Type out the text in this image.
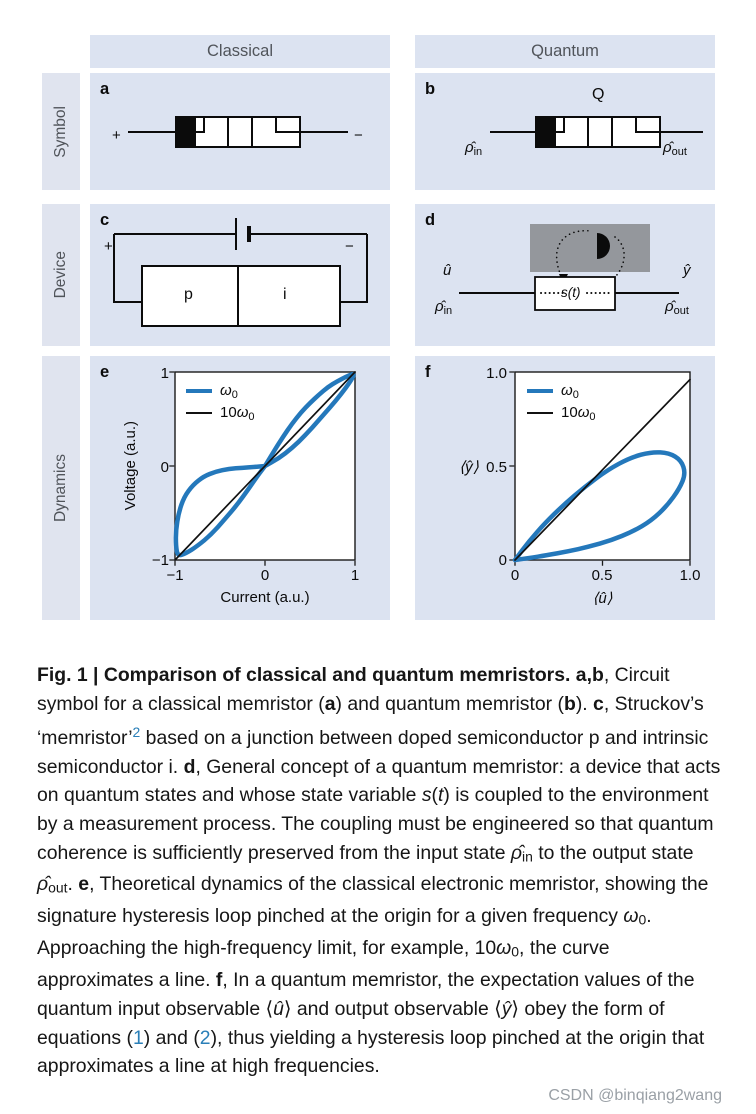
Classical	Quantum
Symbol
Device
Dynamics
a
+	−
b	Q
$\rhô_{in}$	$\rhô_{out}$
c
+	−
p	i
d
s(t)
û	ŷ
$\rhô_{in}$	$\rhô_{out}$
e
$\omega_0$
$10\omega_0$
Voltage (a.u.)
1
0
−1
−1	0	1
Current (a.u.)
f
$\omega_0$
$10\omega_0$
⟨ŷ⟩
1.0
0.5
0
0	0.5	1.0
⟨û⟩
Fig. 1 | Comparison of classical and quantum memristors. a,b, Circuit symbol for a classical memristor (a) and quantum memristor (b). c, Struckov’s ‘memristor’$^2$ based on a junction between doped semiconductor p and intrinsic semiconductor i. d, General concept of a quantum memristor: a device that acts on quantum states and whose state variable s(t) is coupled to the environment by a measurement process. The coupling must be engineered so that quantum coherence is sufficiently preserved from the input state ρ̂in to the output state ρ̂out. e, Theoretical dynamics of the classical electronic memristor, showing the signature hysteresis loop pinched at the origin for a given frequency ω0. Approaching the high-frequency limit, for example, 10ω0, the curve approximates a line. f, In a quantum memristor, the expectation values of the quantum input observable ⟨û⟩ and output observable ⟨ŷ⟩ obey the form of equations (1) and (2), thus yielding a hysteresis loop pinched at the origin that approximates a line at high frequencies.
CSDN @binqiang2wang
